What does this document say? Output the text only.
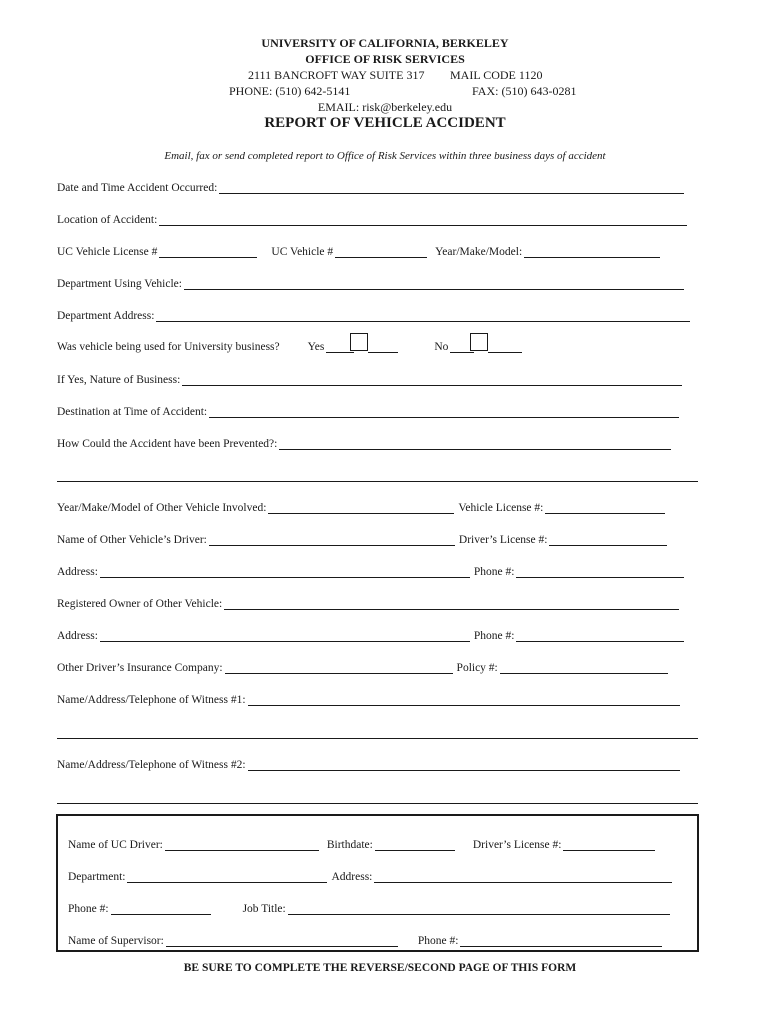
UNIVERSITY OF CALIFORNIA, BERKELEY
OFFICE OF RISK SERVICES
2111 BANCROFT WAY SUITE 317 MAIL CODE 1120
PHONE: (510) 642-5141	FAX: (510) 643-0281
EMAIL: risk@berkeley.edu
REPORT OF VEHICLE ACCIDENT
Email, fax or send completed report to Office of Risk Services within three business days of accident
Date and Time Accident Occurred:
Location of Accident:
UC Vehicle License #	UC Vehicle #	Year/Make/Model:
Department Using Vehicle:
Department Address:
Was vehicle being used for University business? Yes	No
If Yes, Nature of Business:
Destination at Time of Accident:
How Could the Accident have been Prevented?:
Year/Make/Model of Other Vehicle Involved:	Vehicle License #:
Name of Other Vehicle’s Driver:	Driver’s License #:
Address:	Phone #:
Registered Owner of Other Vehicle:
Address:	Phone #:
Other Driver’s Insurance Company:	Policy #:
Name/Address/Telephone of Witness #1:
Name/Address/Telephone of Witness #2:
Name of UC Driver:	Birthdate:	Driver’s License #:
Department:	Address:
Phone #:	Job Title:
Name of Supervisor:	Phone #:
BE SURE TO COMPLETE THE REVERSE/SECOND PAGE OF THIS FORM
